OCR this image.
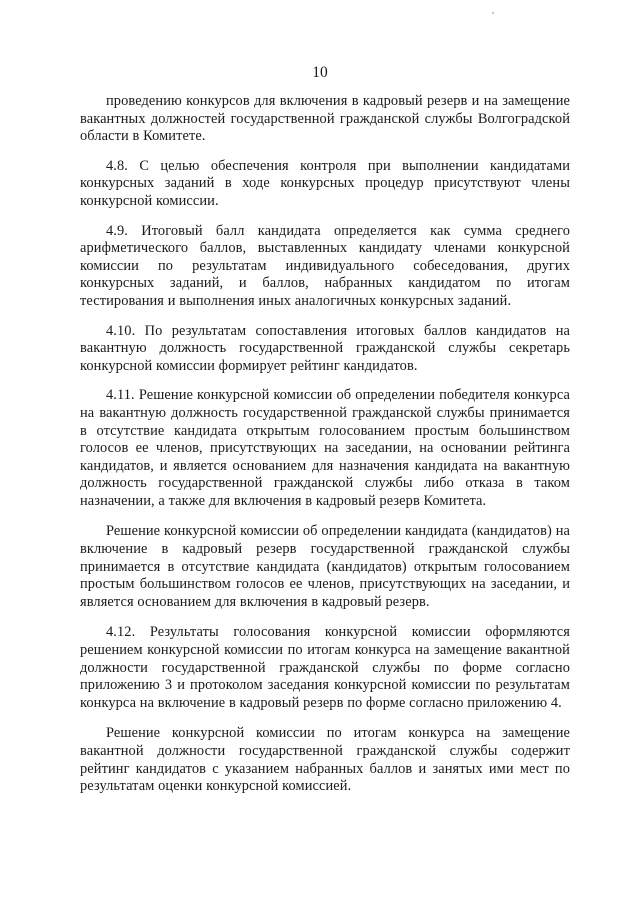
10

проведению конкурсов для включения в кадровый резерв и на замещение вакантных должностей государственной гражданской службы Волгоградской области в Комитете.

4.8. С целью обеспечения контроля при выполнении кандидатами конкурсных заданий в ходе конкурсных процедур присутствуют члены конкурсной комиссии.

4.9. Итоговый балл кандидата определяется как сумма среднего арифметического баллов, выставленных кандидату членами конкурсной комиссии по результатам индивидуального собеседования, других конкурсных заданий, и баллов, набранных кандидатом по итогам тестирования и выполнения иных аналогичных конкурсных заданий.

4.10. По результатам сопоставления итоговых баллов кандидатов на вакантную должность государственной гражданской службы секретарь конкурсной комиссии формирует рейтинг кандидатов.

4.11. Решение конкурсной комиссии об определении победителя конкурса на вакантную должность государственной гражданской службы принимается в отсутствие кандидата открытым голосованием простым большинством голосов ее членов, присутствующих на заседании, на основании рейтинга кандидатов, и является основанием для назначения кандидата на вакантную должность государственной гражданской службы либо отказа в таком назначении, а также для включения в кадровый резерв Комитета.

Решение конкурсной комиссии об определении кандидата (кандидатов) на включение в кадровый резерв государственной гражданской службы принимается в отсутствие кандидата (кандидатов) открытым голосованием простым большинством голосов ее членов, присутствующих на заседании, и является основанием для включения в кадровый резерв.

4.12. Результаты голосования конкурсной комиссии оформляются решением конкурсной комиссии по итогам конкурса на замещение вакантной должности государственной гражданской службы по форме согласно приложению 3 и протоколом заседания конкурсной комиссии по результатам конкурса на включение в кадровый резерв по форме согласно приложению 4.

Решение конкурсной комиссии по итогам конкурса на замещение вакантной должности государственной гражданской службы содержит рейтинг кандидатов с указанием набранных баллов и занятых ими мест по результатам оценки конкурсной комиссией.
